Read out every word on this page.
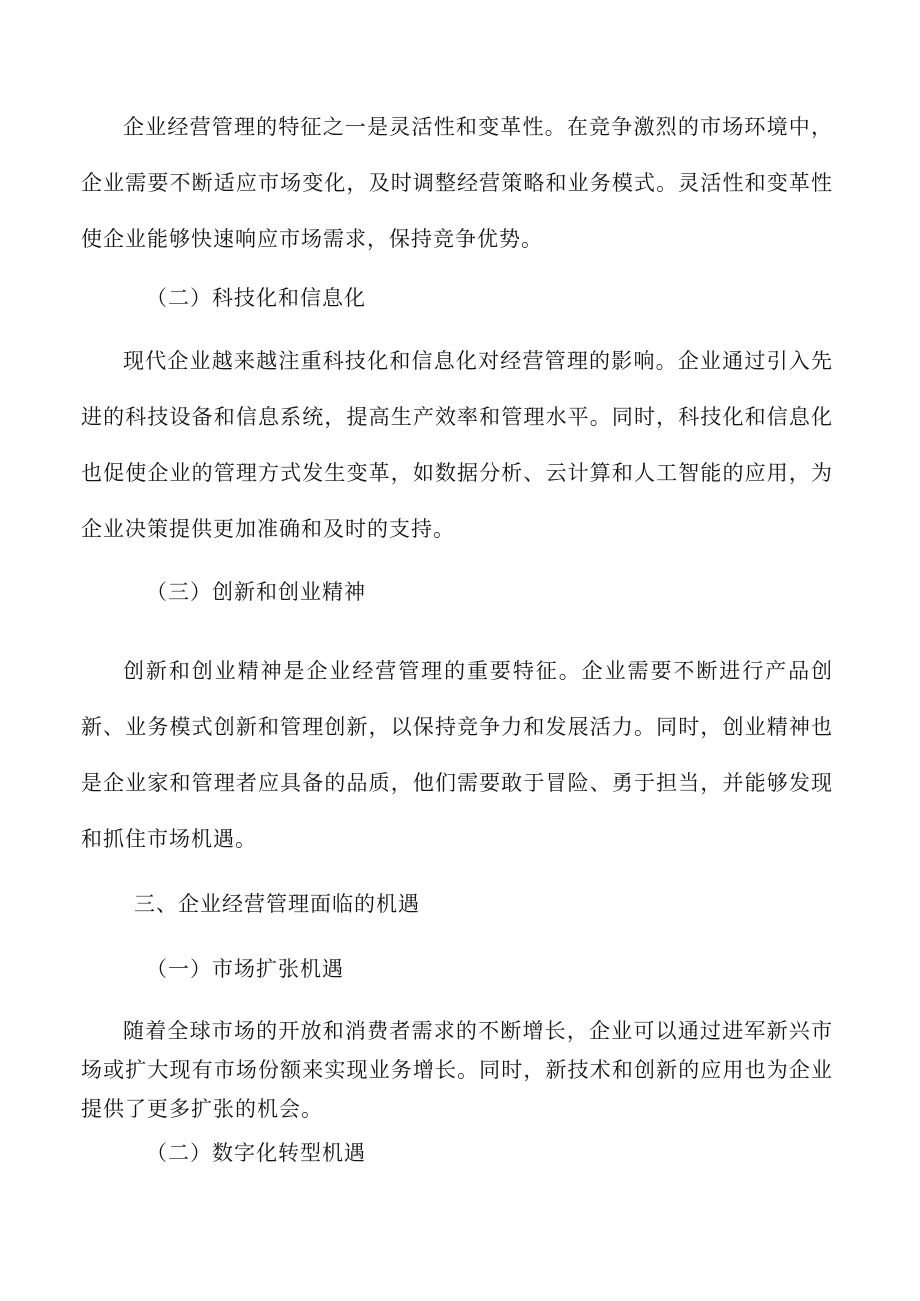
企业经营管理的特征之一是灵活性和变革性。在竞争激烈的市场环境中，企业需要不断适应市场变化，及时调整经营策略和业务模式。灵活性和变革性使企业能够快速响应市场需求，保持竞争优势。

（二）科技化和信息化

现代企业越来越注重科技化和信息化对经营管理的影响。企业通过引入先进的科技设备和信息系统，提高生产效率和管理水平。同时，科技化和信息化也促使企业的管理方式发生变革，如数据分析、云计算和人工智能的应用，为企业决策提供更加准确和及时的支持。

（三）创新和创业精神

创新和创业精神是企业经营管理的重要特征。企业需要不断进行产品创新、业务模式创新和管理创新，以保持竞争力和发展活力。同时，创业精神也是企业家和管理者应具备的品质，他们需要敢于冒险、勇于担当，并能够发现和抓住市场机遇。

三、企业经营管理面临的机遇

（一）市场扩张机遇

随着全球市场的开放和消费者需求的不断增长，企业可以通过进军新兴市场或扩大现有市场份额来实现业务增长。同时，新技术和创新的应用也为企业提供了更多扩张的机会。

（二）数字化转型机遇
